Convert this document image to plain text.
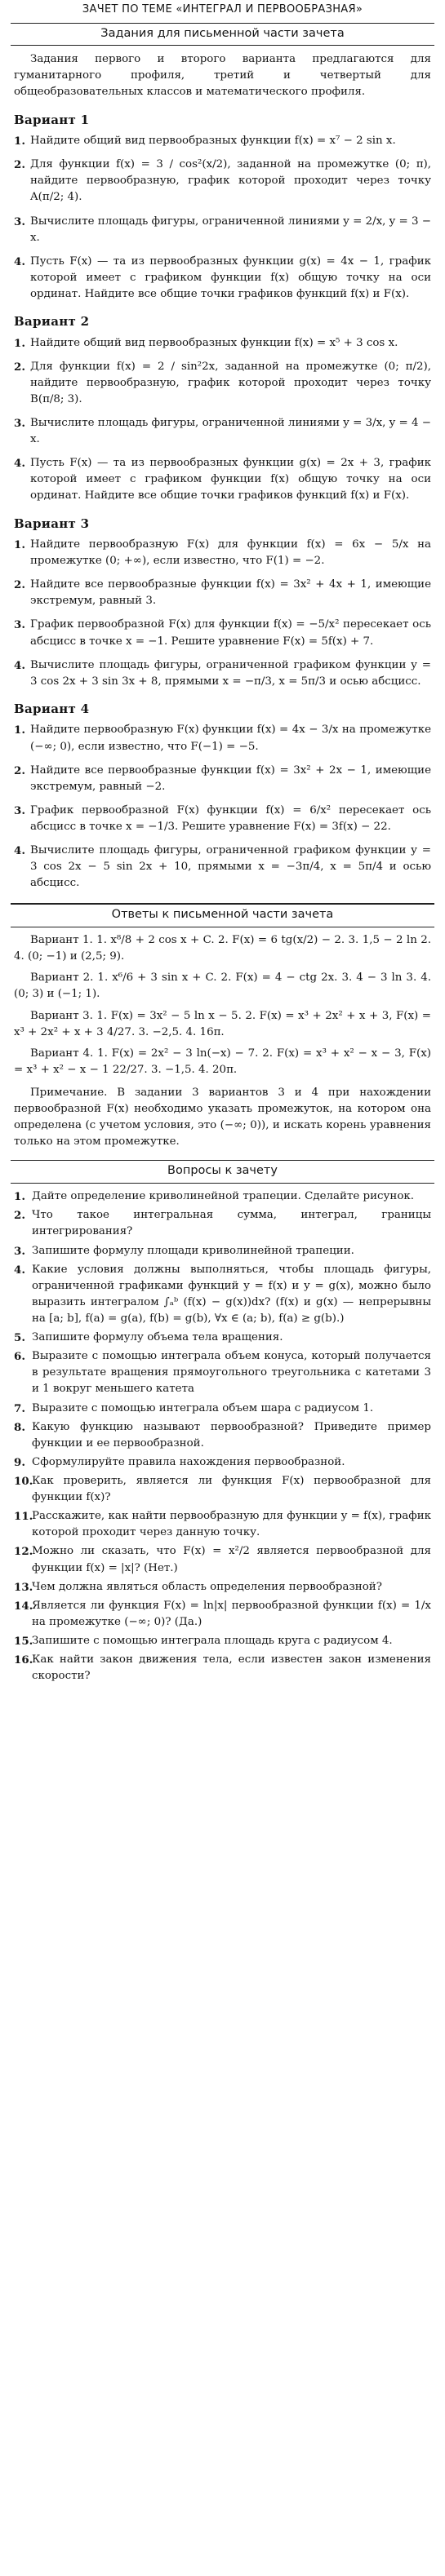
ЗАЧЕТ ПО ТЕМЕ «ИНТЕГРАЛ И ПЕРВООБРАЗНАЯ»
Задания для письменной части зачета

Задания первого и второго варианта предлагаются для гуманитарного профиля, третий и четвертый для общеобразовательных классов и математического профиля.

Вариант 1
1. Найдите общий вид первообразных функции f(x) = x⁷ − 2 sin x.
2. Для функции f(x) = 3 / cos²(x/2), заданной на промежутке (0; π), найдите первообразную, график которой проходит через точку A(π/2; 4).
3. Вычислите площадь фигуры, ограниченной линиями y = 2/x, y = 3 − x.
4. Пусть F(x) — та из первообразных функции g(x) = 4x − 1, график которой имеет с графиком функции f(x) общую точку на оси ординат. Найдите все общие точки графиков функций f(x) и F(x).
Вариант 2
1. Найдите общий вид первообразных функции f(x) = x⁵ + 3 cos x.
2. Для функции f(x) = 2 / sin²2x, заданной на промежутке (0; π/2), найдите первообразную, график которой проходит через точку B(π/8; 3).
3. Вычислите площадь фигуры, ограниченной линиями y = 3/x, y = 4 − x.
4. Пусть F(x) — та из первообразных функции g(x) = 2x + 3, график которой имеет с графиком функции f(x) общую точку на оси ординат. Найдите все общие точки графиков функций f(x) и F(x).
Вариант 3
1. Найдите первообразную F(x) для функции f(x) = 6x − 5/x на промежутке (0; +∞), если известно, что F(1) = −2.
2. Найдите все первообразные функции f(x) = 3x² + 4x + 1, имеющие экстремум, равный 3.
3. График первообразной F(x) для функции f(x) = −5/x² пересекает ось абсцисс в точке x = −1. Решите уравнение F(x) = 5f(x) + 7.
4. Вычислите площадь фигуры, ограниченной графиком функции y = 3 cos 2x + 3 sin 3x + 8, прямыми x = −π/3, x = 5π/3 и осью абсцисс.
Вариант 4
1. Найдите первообразную F(x) функции f(x) = 4x − 3/x на промежутке (−∞; 0), если известно, что F(−1) = −5.
2. Найдите все первообразные функции f(x) = 3x² + 2x − 1, имеющие экстремум, равный −2.
3. График первообразной F(x) функции f(x) = 6/x² пересекает ось абсцисс в точке x = −1/3. Решите уравнение F(x) = 3f(x) − 22.
4. Вычислите площадь фигуры, ограниченной графиком функции y = 3 cos 2x − 5 sin 2x + 10, прямыми x = −3π/4, x = 5π/4 и осью абсцисс.
Ответы к письменной части зачета

Вариант 1. 1. x⁸/8 + 2 cos x + C. 2. F(x) = 6 tg(x/2) − 2. 3. 1,5 − 2 ln 2. 4. (0; −1) и (2,5; 9).

Вариант 2. 1. x⁶/6 + 3 sin x + C. 2. F(x) = 4 − ctg 2x. 3. 4 − 3 ln 3. 4. (0; 3) и (−1; 1).

Вариант 3. 1. F(x) = 3x² − 5 ln x − 5. 2. F(x) = x³ + 2x² + x + 3, F(x) = x³ + 2x² + x + 3 4/27. 3. −2,5. 4. 16π.

Вариант 4. 1. F(x) = 2x² − 3 ln(−x) − 7. 2. F(x) = x³ + x² − x − 3, F(x) = x³ + x² − x − 1 22/27. 3. −1,5. 4. 20π.

Примечание. В задании 3 вариантов 3 и 4 при нахождении первообразной F(x) необходимо указать промежуток, на котором она определена (с учетом условия, это (−∞; 0)), и искать корень уравнения только на этом промежутке.

Вопросы к зачету
1. Дайте определение криволинейной трапеции. Сделайте рисунок.
2. Что такое интегральная сумма, интеграл, границы интегрирования?
3. Запишите формулу площади криволинейной трапеции.
4. Какие условия должны выполняться, чтобы площадь фигуры, ограниченной графиками функций y = f(x) и y = g(x), можно было выразить интегралом ∫ₐᵇ (f(x) − g(x))dx? (f(x) и g(x) — непрерывны на [a; b], f(a) = g(a), f(b) = g(b), ∀x ∈ (a; b), f(a) ≥ g(b).)
5. Запишите формулу объема тела вращения.
6. Выразите с помощью интеграла объем конуса, который получается в результате вращения прямоугольного треугольника с катетами 3 и 1 вокруг меньшего катета
7. Выразите с помощью интеграла объем шара с радиусом 1.
8. Какую функцию называют первообразной? Приведите пример функции и ее первообразной.
9. Сформулируйте правила нахождения первообразной.
10.
Как проверить, является ли функция F(x) первообразной для функции f(x)?
11.
Расскажите, как найти первообразную для функции y = f(x), график которой проходит через данную точку.
12.
Можно ли сказать, что F(x) = x²/2 является первообразной для функции f(x) = |x|? (Нет.)
13.
Чем должна являться область определения первообразной?
14.
Является ли функция F(x) = ln|x| первообразной функции f(x) = 1/x на промежутке (−∞; 0)? (Да.)
15.
Запишите с помощью интеграла площадь круга с радиусом 4.
16.
Как найти закон движения тела, если известен закон изменения скорости?
